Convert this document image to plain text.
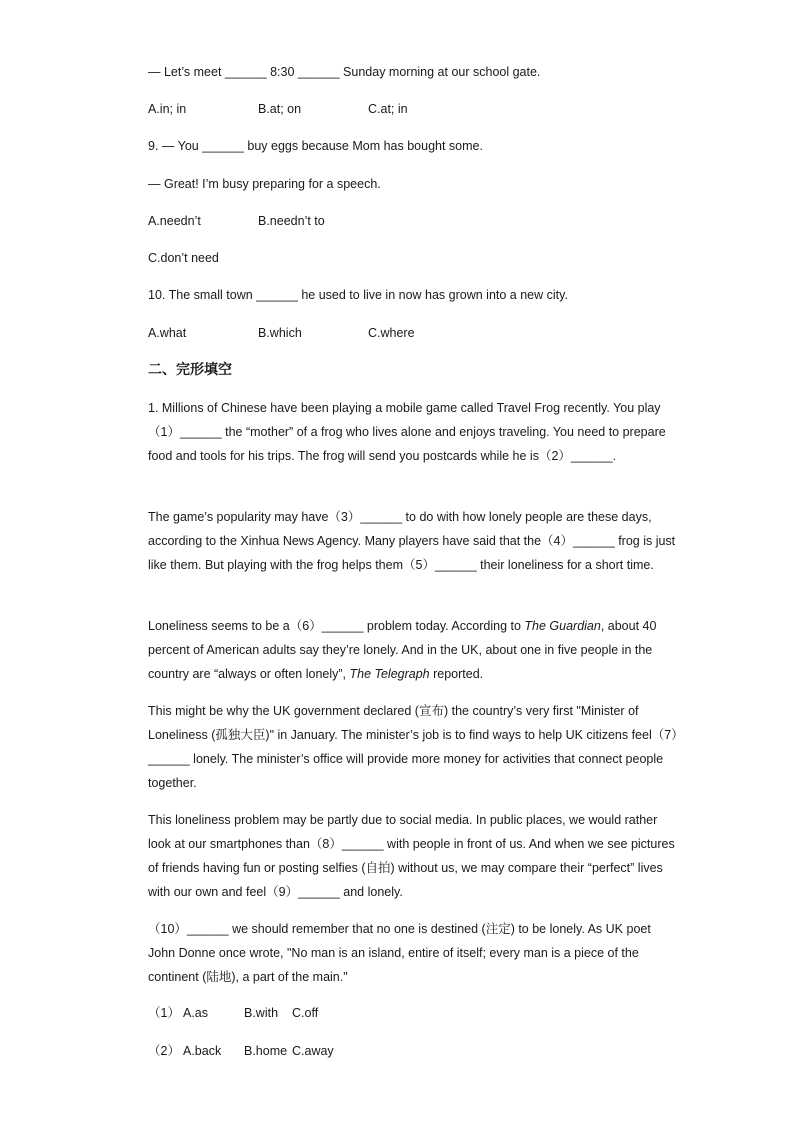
— Let’s meet ______ 8:30 ______ Sunday morning at our school gate.
A.in; in	B.at; on	C.at; in
9. — You ______ buy eggs because Mom has bought some.
— Great! I’m busy preparing for a speech.
A.needn’t	B.needn’t to
C.don’t need
10. The small town ______ he used to live in now has grown into a new city.
A.what	B.which	C.where
二、完形填空
1. Millions of Chinese have been playing a mobile game called Travel Frog recently. You play （1）______ the “mother” of a frog who lives alone and enjoys traveling. You need to prepare food and tools for his trips. The frog will send you postcards while he is（2）______.
The game’s popularity may have（3）______ to do with how lonely people are these days, according to the Xinhua News Agency. Many players have said that the（4）______ frog is just like them. But playing with the frog helps them（5）______ their loneliness for a short time.
Loneliness seems to be a（6）______ problem today. According to The Guardian, about 40 percent of American adults say they’re lonely. And in the UK, about one in five people in the country are “always or often lonely”, The Telegraph reported.
This might be why the UK government declared (宣布) the country’s very first "Minister of Loneliness (孤独大臣)" in January. The minister’s job is to find ways to help UK citizens feel（7）______ lonely. The minister’s office will provide more money for activities that connect people together.
This loneliness problem may be partly due to social media. In public places, we would rather look at our smartphones than（8）______ with people in front of us. And when we see pictures of friends having fun or posting selfies (自拍) without us, we may compare their “perfect” lives with our own and feel（9）______ and lonely.
（10）______ we should remember that no one is destined (注定) to be lonely. As UK poet John Donne once wrote, "No man is an island, entire of itself; every man is a piece of the continent (陆地), a part of the main."
（1） A.as	B.with C.off
（2） A.back B.home C.away
